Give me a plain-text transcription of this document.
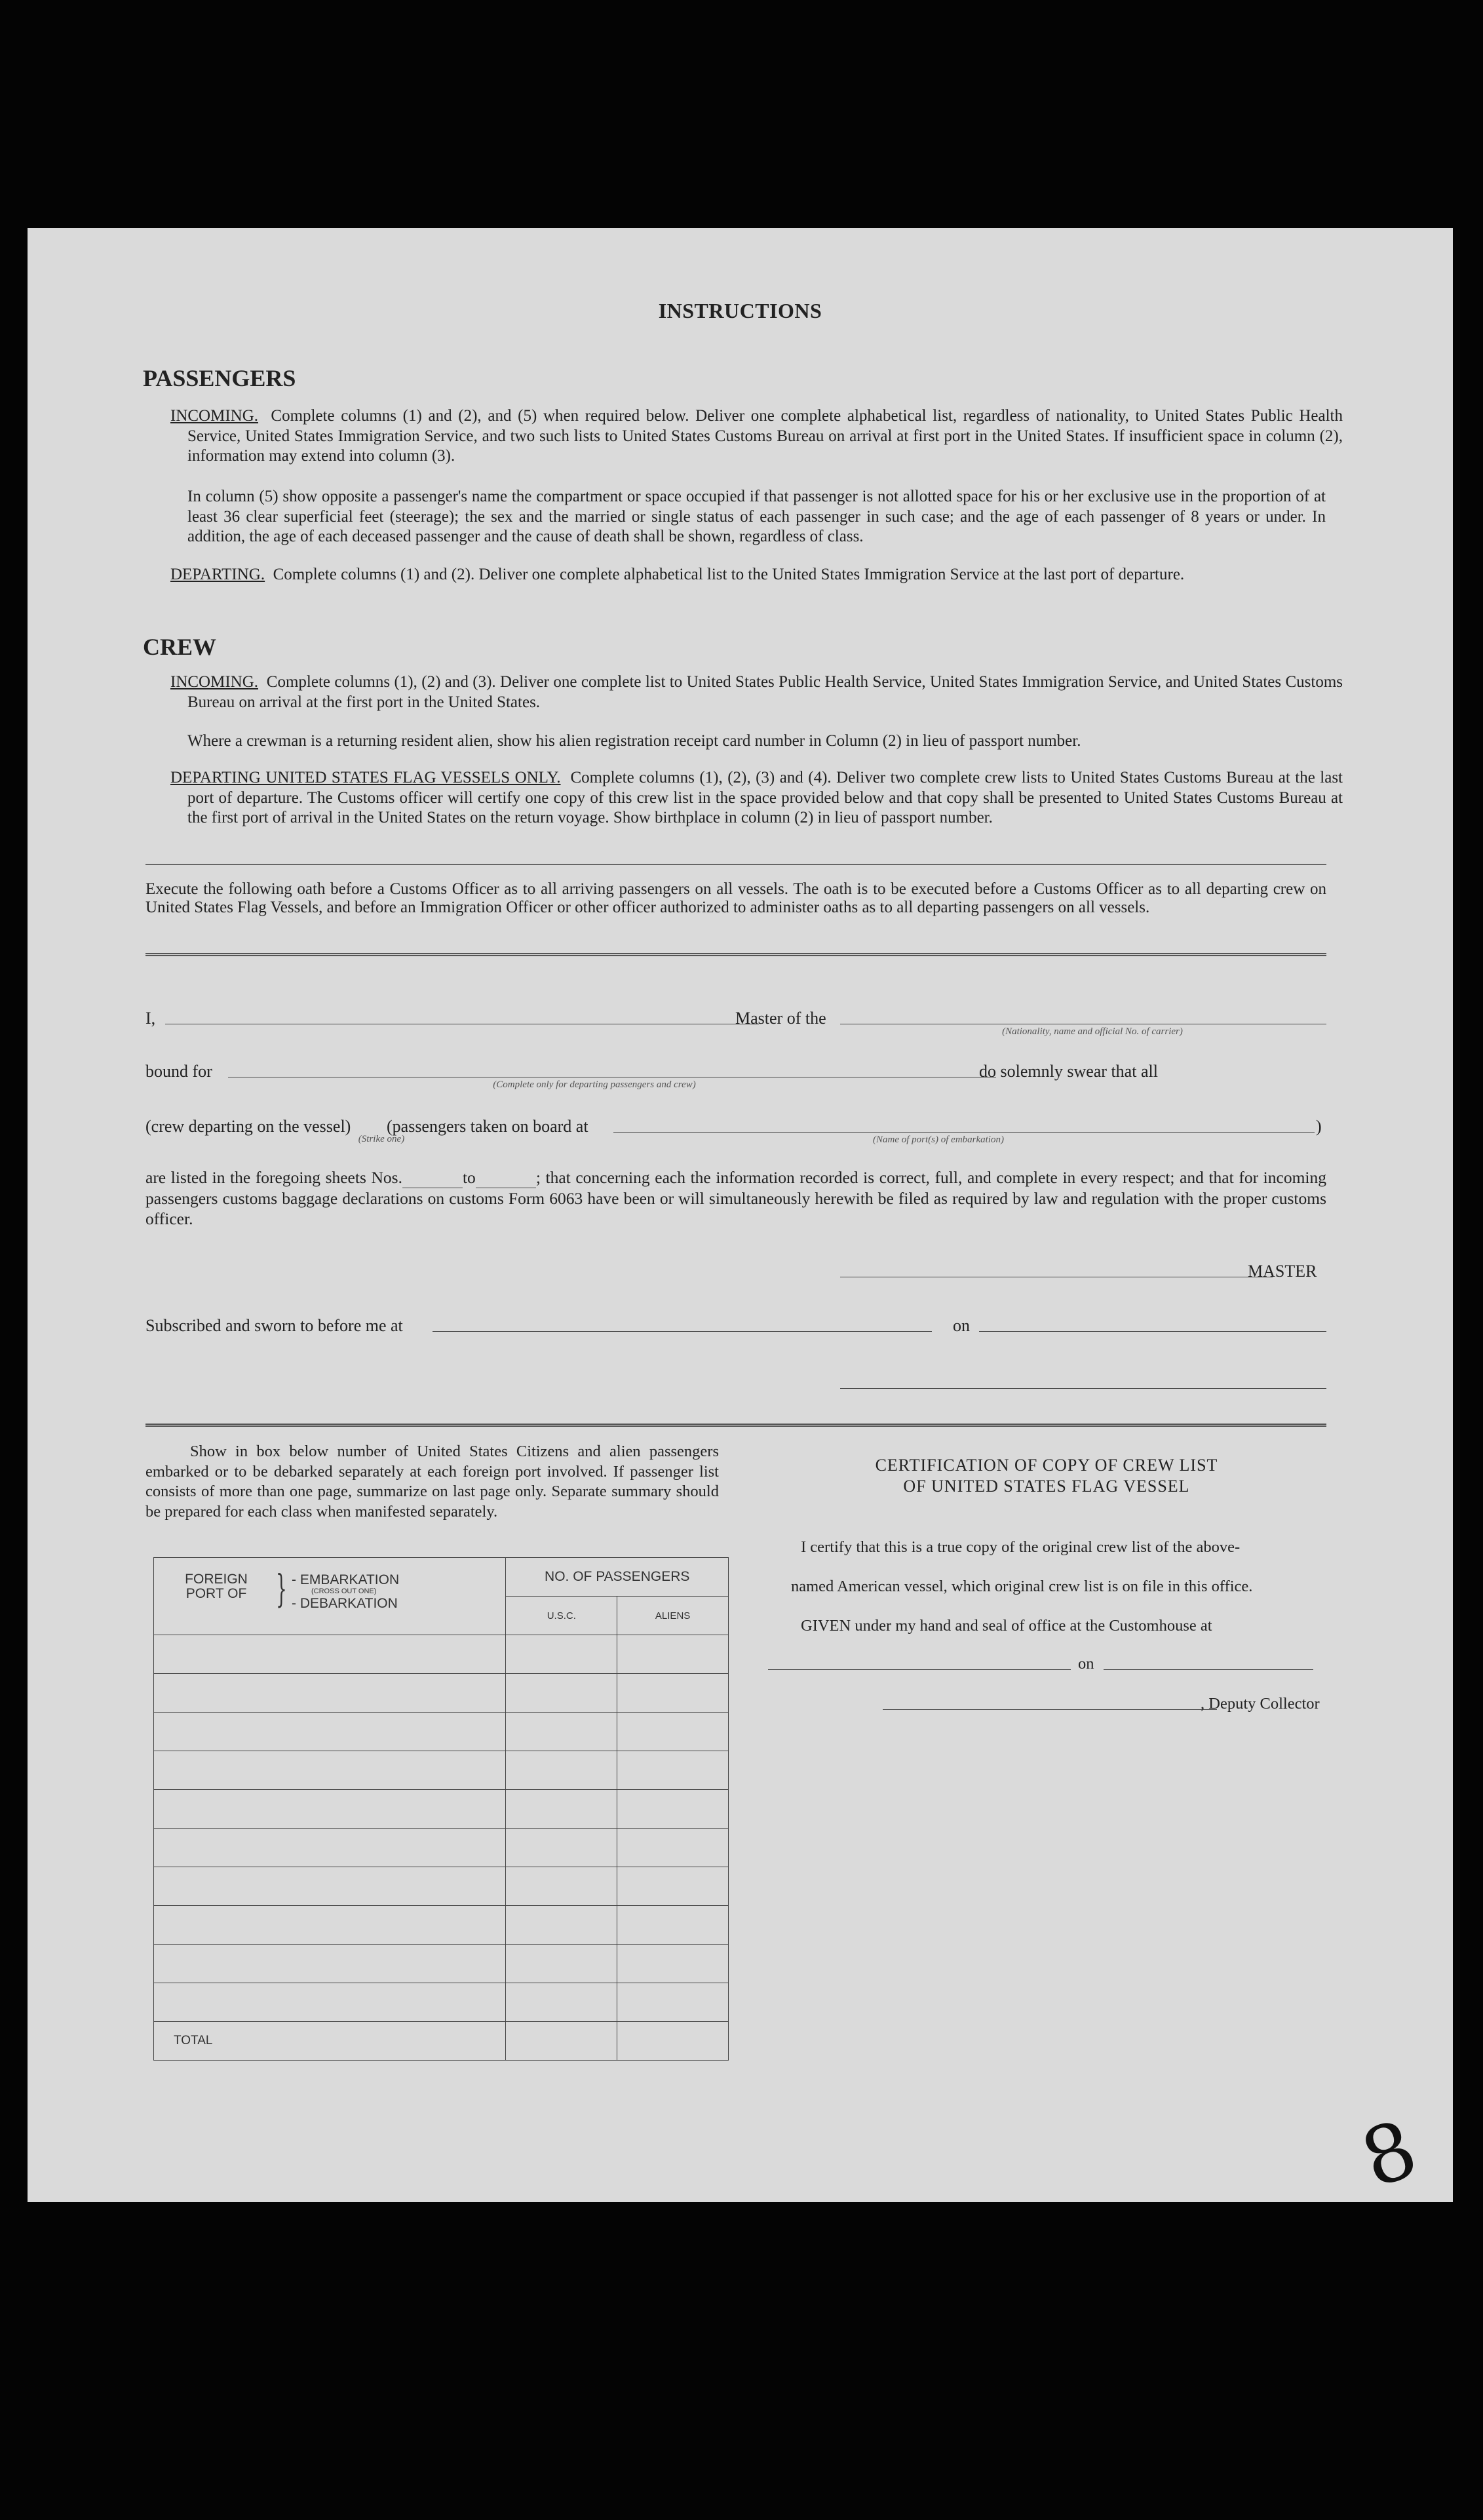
INSTRUCTIONS
PASSENGERS
INCOMING. Complete columns (1) and (2), and (5) when required below. Deliver one complete alphabetical list, regardless of nationality, to United States Public Health Service, United States Immigration Service, and two such lists to United States Customs Bureau on arrival at first port in the United States. If insufficient space in column (2), information may extend into column (3).
In column (5) show opposite a passenger's name the compartment or space occupied if that passenger is not allotted space for his or her exclusive use in the proportion of at least 36 clear superficial feet (steerage); the sex and the married or single status of each passenger in such case; and the age of each passenger of 8 years or under. In addition, the age of each deceased passenger and the cause of death shall be shown, regardless of class.
DEPARTING. Complete columns (1) and (2). Deliver one complete alphabetical list to the United States Immigration Service at the last port of departure.
CREW
INCOMING. Complete columns (1), (2) and (3). Deliver one complete list to United States Public Health Service, United States Immigration Service, and United States Customs Bureau on arrival at the first port in the United States.
Where a crewman is a returning resident alien, show his alien registration receipt card number in Column (2) in lieu of passport number.
DEPARTING UNITED STATES FLAG VESSELS ONLY. Complete columns (1), (2), (3) and (4). Deliver two complete crew lists to United States Customs Bureau at the last port of departure. The Customs officer will certify one copy of this crew list in the space provided below and that copy shall be presented to United States Customs Bureau at the first port of arrival in the United States on the return voyage. Show birthplace in column (2) in lieu of passport number.
Execute the following oath before a Customs Officer as to all arriving passengers on all vessels. The oath is to be executed before a Customs Officer as to all departing crew on United States Flag Vessels, and before an Immigration Officer or other officer authorized to administer oaths as to all departing passengers on all vessels.
I,	Master of the
(Nationality, name and official No. of carrier)
bound for
(Complete only for departing passengers and crew)
do solemnly swear that all
(crew departing on the vessel) (passengers taken on board at
(Strike one)	(Name of port(s) of embarkation)
)
are listed in the foregoing sheets Nos.	to	; that concerning each the information recorded is correct, full, and complete in every respect; and that for incoming passengers customs baggage declarations on customs Form 6063 have been or will simultaneously herewith be filed as required by law and regulation with the proper customs officer.
MASTER
Subscribed and sworn to before me at	on
Show in box below number of United States Citizens and alien passengers embarked or to be debarked separately at each foreign port involved. If passenger list consists of more than one page, summarize on last page only. Separate summary should be prepared for each class when manifested separately.
FOREIGN PORT OF } - EMBARKATION
(CROSS OUT ONE)
- DEBARKATION	NO. OF PASSENGERS	
	U.S.C.	ALIENS

TOTAL		
CERTIFICATION OF COPY OF CREW LIST
OF UNITED STATES FLAG VESSEL
I certify that this is a true copy of the original crew list of the above-
named American vessel, which original crew list is on file in this office.
GIVEN under my hand and seal of office at the Customhouse at
on
, Deputy Collector
8
